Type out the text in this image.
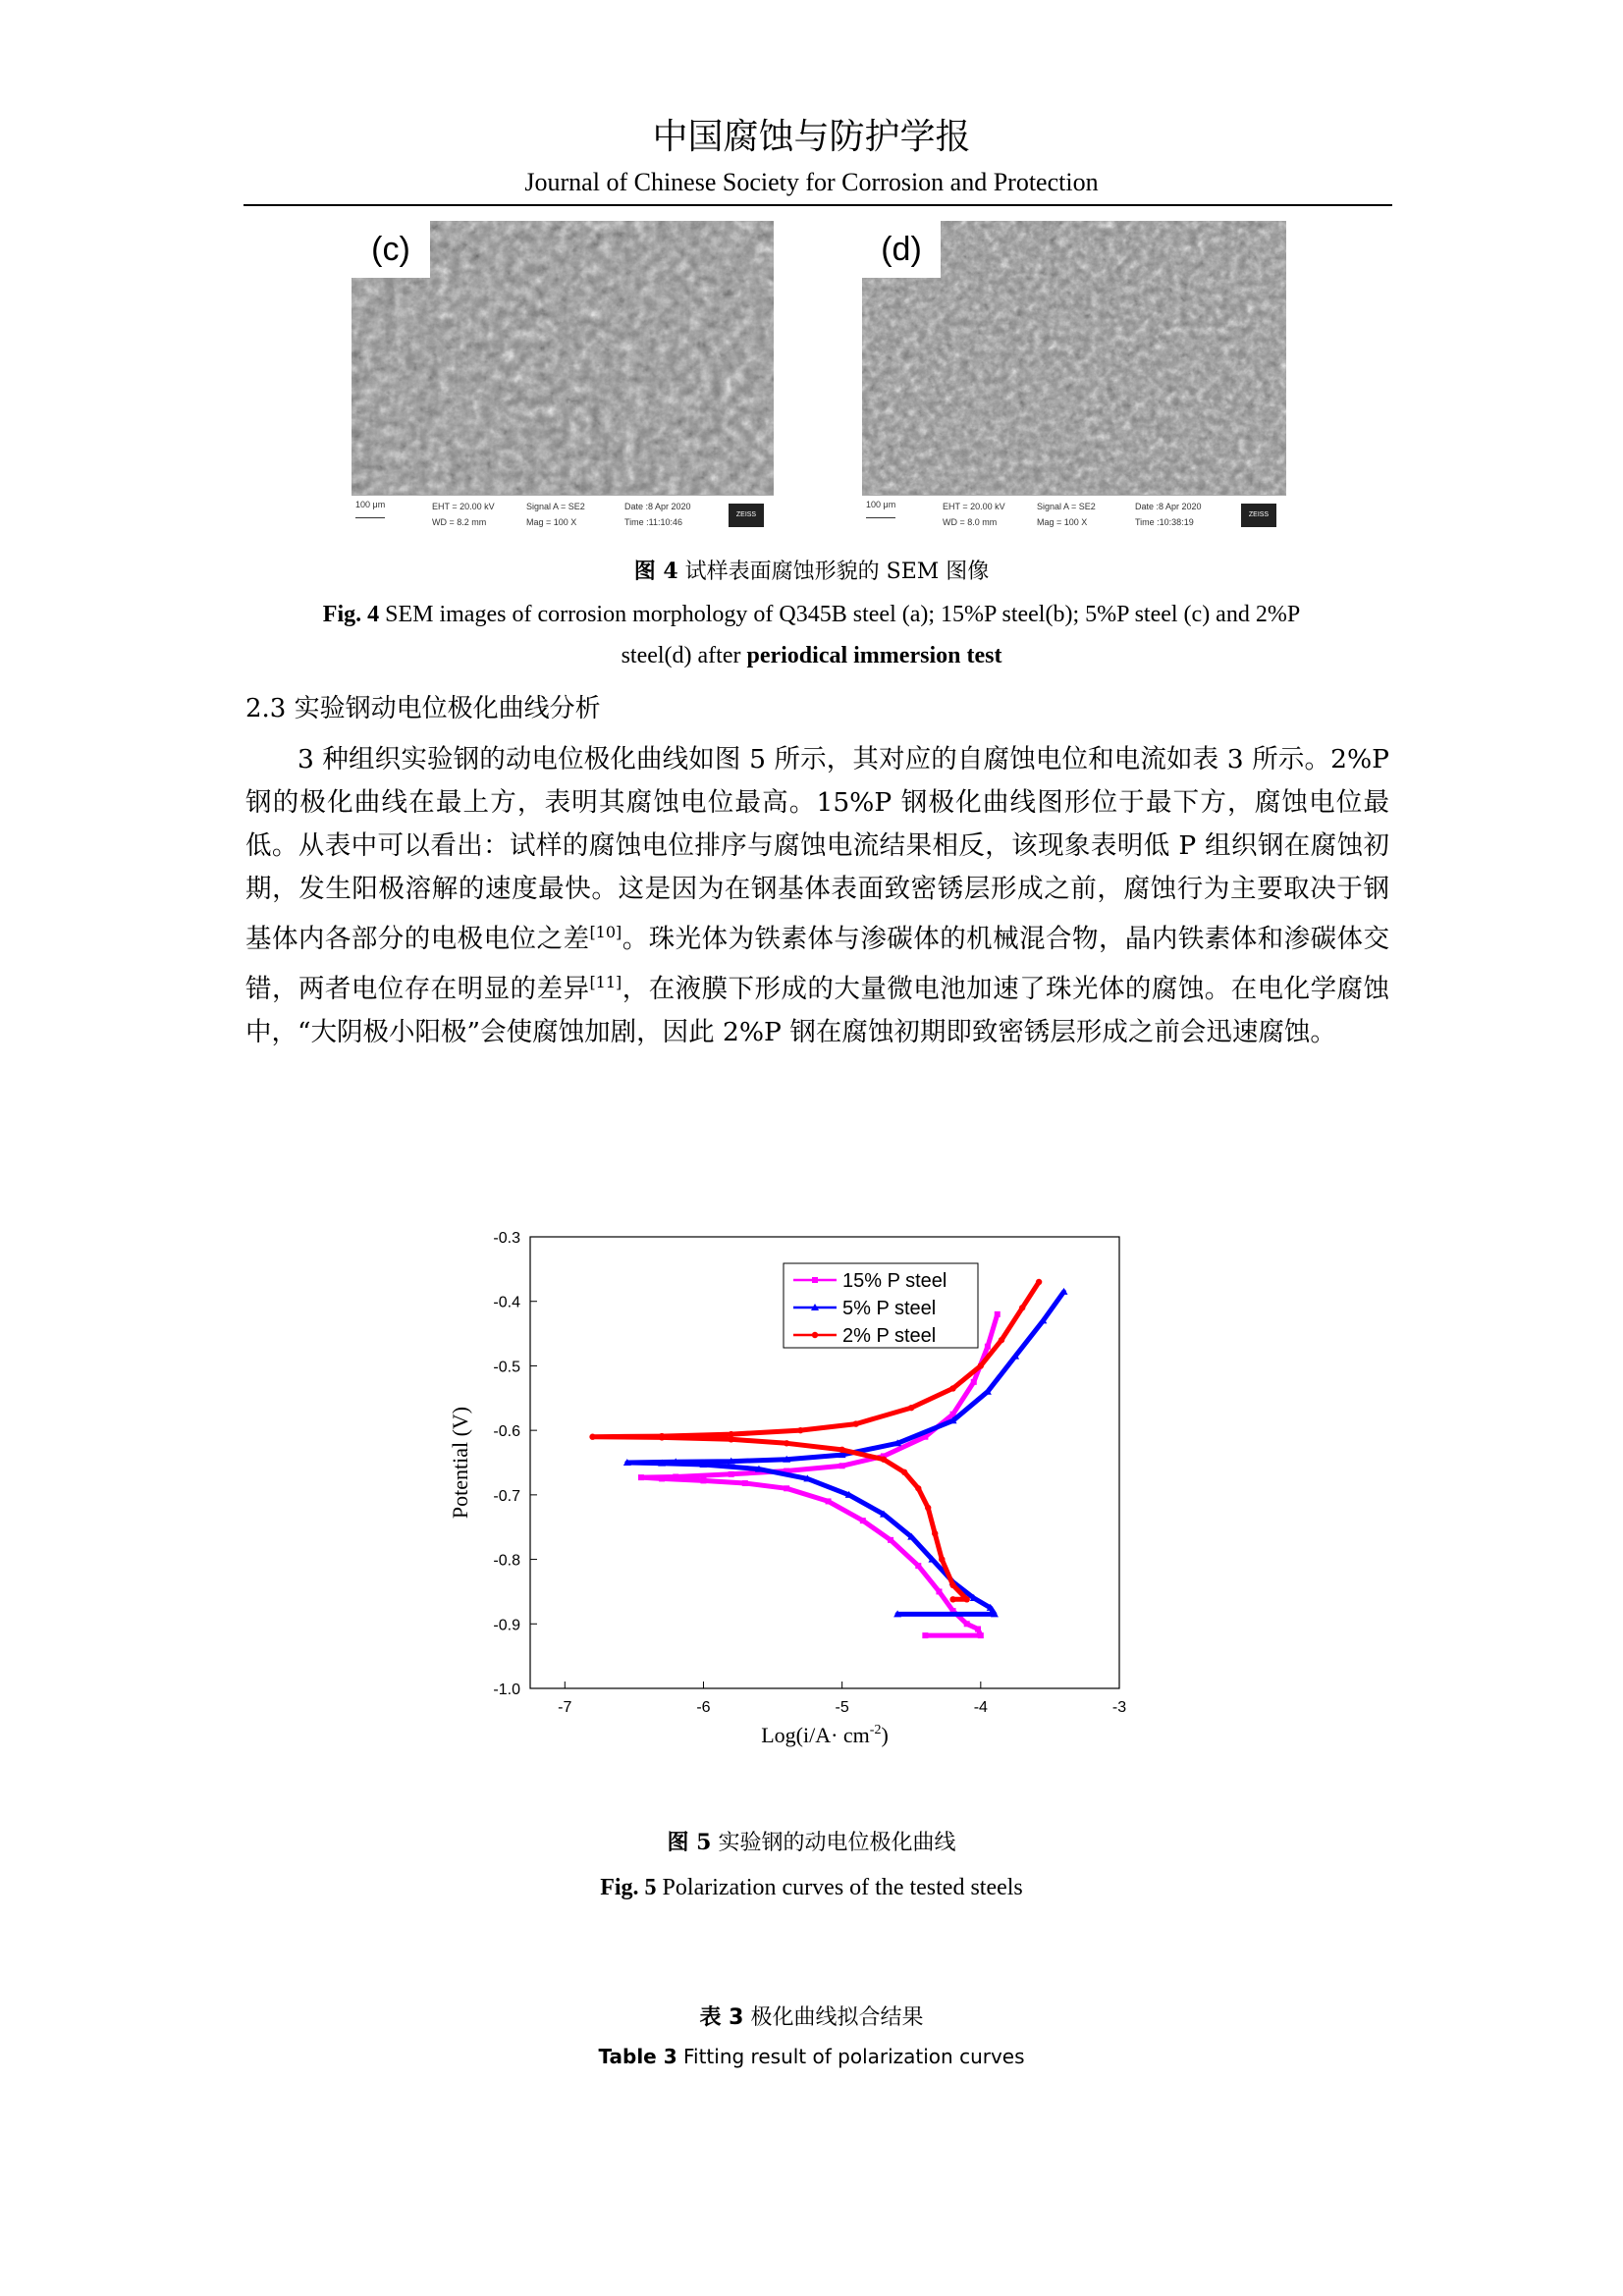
中国腐蚀与防护学报
Journal of Chinese Society for Corrosion and Protection
(c)
100 μm	EHT = 20.00 kV
WD = 8.2 mm
Signal A = SE2
Mag = 100 X
Date :8 Apr 2020
Time :11:10:46
ZEISS
(d)
100 μm	EHT = 20.00 kV
WD = 8.0 mm
Signal A = SE2
Mag = 100 X
Date :8 Apr 2020
Time :10:38:19
ZEISS
图 4 试样表面腐蚀形貌的 SEM 图像
Fig. 4 SEM images of corrosion morphology of Q345B steel (a); 15%P steel(b); 5%P steel (c) and 2%P
steel(d) after periodical immersion test
2.3 实验钢动电位极化曲线分析

3 种组织实验钢的动电位极化曲线如图 5 所示，其对应的自腐蚀电位和电流如表 3 所示。2%P 钢的极化曲线在最上方，表明其腐蚀电位最高。15%P 钢极化曲线图形位于最下方，腐蚀电位最低。从表中可以看出：试样的腐蚀电位排序与腐蚀电流结果相反，该现象表明低 P 组织钢在腐蚀初期，发生阳极溶解的速度最快。这是因为在钢基体表面致密锈层形成之前，腐蚀行为主要取决于钢基体内各部分的电极电位之差[10]。珠光体为铁素体与渗碳体的机械混合物，晶内铁素体和渗碳体交错，两者电位存在明显的差异[11]，在液膜下形成的大量微电池加速了珠光体的腐蚀。在电化学腐蚀中，“大阴极小阳极”会使腐蚀加剧，因此 2%P 钢在腐蚀初期即致密锈层形成之前会迅速腐蚀。

-7	-6	-5	-4	-3
-0.3
-0.4
-0.5
-0.6
-0.7
-0.8
-0.9
-1.0
Potential (V)
$Log(i/A\cdot cm^{-2})$
15% P steel
5% P steel
2% P steel
图 5 实验钢的动电位极化曲线
Fig. 5 Polarization curves of the tested steels
表 3 极化曲线拟合结果
Table 3 Fitting result of polarization curves
